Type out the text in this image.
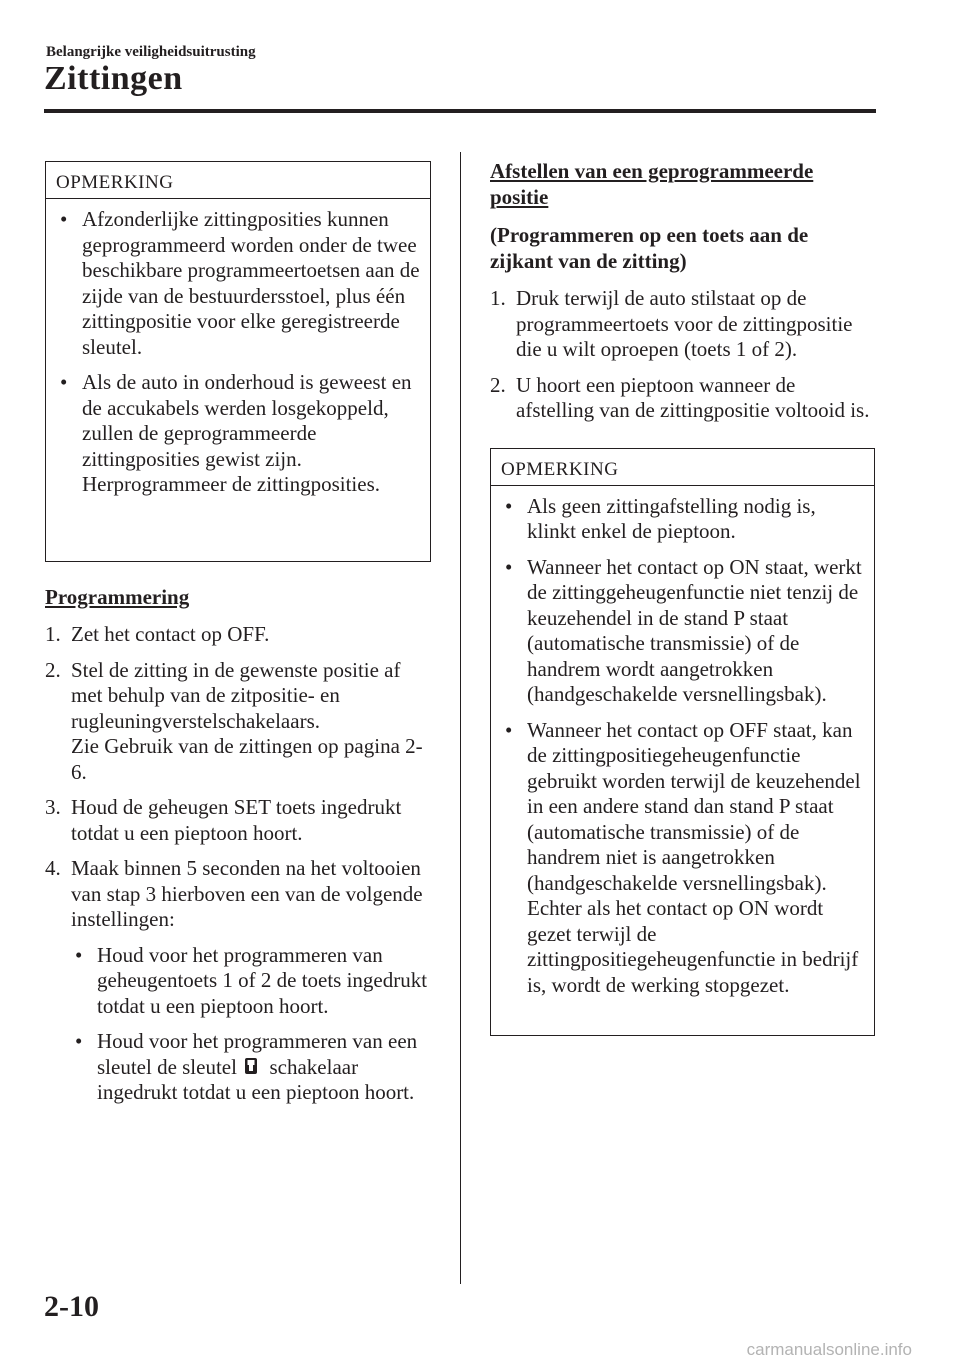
Belangrijke veiligheidsuitrusting
Zittingen
OPMERKING
• Afzonderlijke zittingposities kunnen geprogrammeerd worden onder de twee beschikbare programmeertoetsen aan de zijde van de bestuurdersstoel, plus één zittingpositie voor elke geregistreerde sleutel.
• Als de auto in onderhoud is geweest en de accukabels werden losgekoppeld, zullen de geprogrammeerde zittingposities gewist zijn. Herprogrammeer de zittingposities.
Programmering
1. Zet het contact op OFF.
2. Stel de zitting in de gewenste positie af met behulp van de zitpositie- en rugleuningverstelschakelaars.
Zie Gebruik van de zittingen op pagina 2-6.
3. Houd de geheugen SET toets ingedrukt totdat u een pieptoon hoort.
4. Maak binnen 5 seconden na het voltooien van stap 3 hierboven een van de volgende instellingen:
• Houd voor het programmeren van geheugentoets 1 of 2 de toets ingedrukt totdat u een pieptoon hoort.
• Houd voor het programmeren van een sleutel de sleutel schakelaar ingedrukt totdat u een pieptoon hoort.
Afstellen van een geprogrammeerde positie
(Programmeren op een toets aan de zijkant van de zitting)
1. Druk terwijl de auto stilstaat op de programmeertoets voor de zittingpositie die u wilt oproepen (toets 1 of 2).
2. U hoort een pieptoon wanneer de afstelling van de zittingpositie voltooid is.
OPMERKING
• Als geen zittingafstelling nodig is, klinkt enkel de pieptoon.
• Wanneer het contact op ON staat, werkt de zittinggeheugenfunctie niet tenzij de keuzehendel in de stand P staat (automatische transmissie) of de handrem wordt aangetrokken (handgeschakelde versnellingsbak).
• Wanneer het contact op OFF staat, kan de zittingpositiegeheugenfunctie gebruikt worden terwijl de keuzehendel in een andere stand dan stand P staat (automatische transmissie) of de handrem niet is aangetrokken (handgeschakelde versnellingsbak). Echter als het contact op ON wordt gezet terwijl de zittingpositiegeheugenfunctie in bedrijf is, wordt de werking stopgezet.
2-10
carmanualsonline.info
